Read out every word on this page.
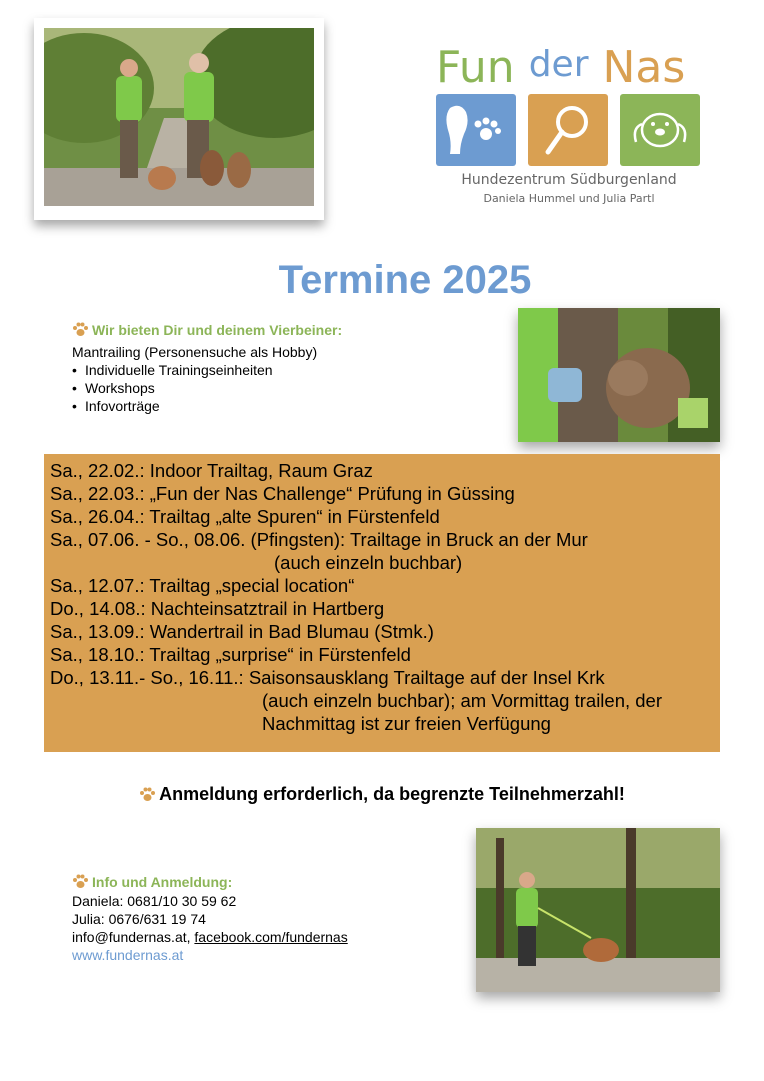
Fun der Nas
Hundezentrum Südburgenland
Daniela Hummel und Julia Partl
Termine 2025
Wir bieten Dir und deinem Vierbeiner:
Mantrailing (Personensuche als Hobby)
• Individuelle Trainingseinheiten
• Workshops
• Infovorträge
Sa., 22.02.: Indoor Trailtag, Raum Graz
Sa., 22.03.: „Fun der Nas Challenge“ Prüfung in Güssing
Sa., 26.04.: Trailtag „alte Spuren“ in Fürstenfeld
Sa., 07.06. - So., 08.06. (Pfingsten): Trailtage in Bruck an der Mur
(auch einzeln buchbar)
Sa., 12.07.: Trailtag „special location“
Do., 14.08.: Nachteinsatztrail in Hartberg
Sa., 13.09.: Wandertrail in Bad Blumau (Stmk.)
Sa., 18.10.: Trailtag „surprise“ in Fürstenfeld
Do., 13.11.- So., 16.11.: Saisonsausklang Trailtage auf der Insel Krk
(auch einzeln buchbar); am Vormittag trailen, der
Nachmittag ist zur freien Verfügung
Anmeldung erforderlich, da begrenzte Teilnehmerzahl!
Info und Anmeldung:
Daniela: 0681/10 30 59 62
Julia: 0676/631 19 74
info@fundernas.at, facebook.com/fundernas
www.fundernas.at
